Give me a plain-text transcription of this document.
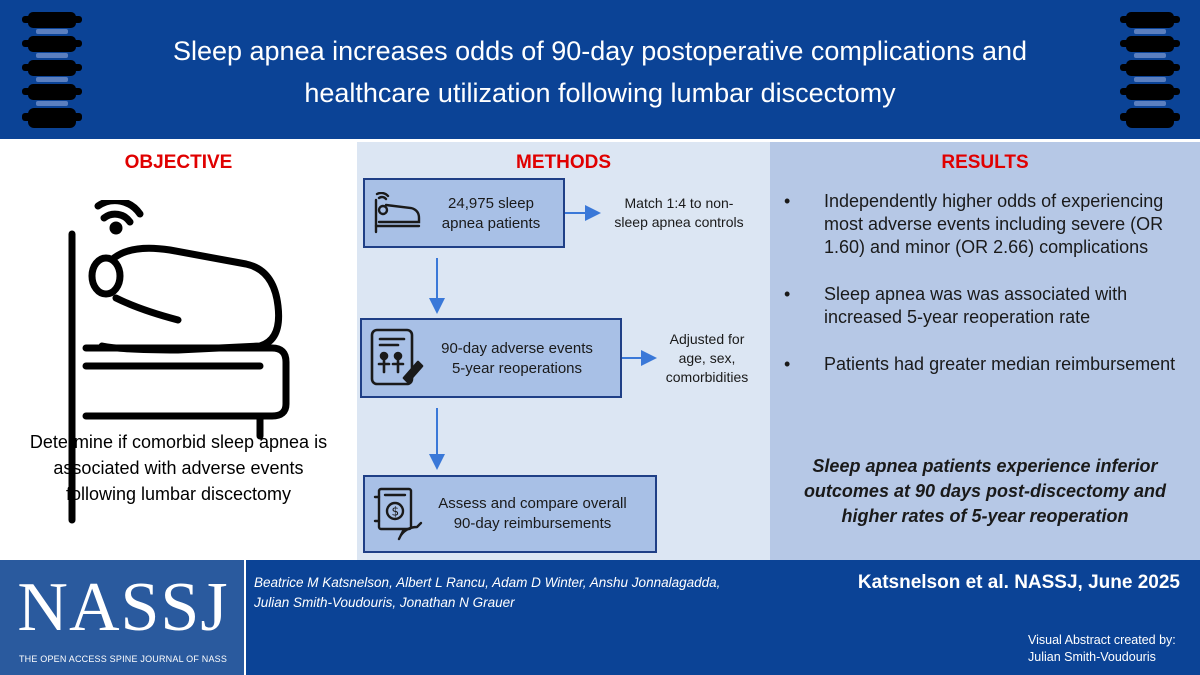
Sleep apnea increases odds of 90-day postoperative complications and
healthcare utilization following lumbar discectomy
OBJECTIVE
Determine if comorbid sleep apnea is
associated with adverse events
following lumbar discectomy
METHODS
24,975 sleep
apnea patients
Match 1:4 to non-
sleep apnea controls
90-day adverse events
5-year reoperations
Adjusted for
age, sex,
comorbidities
$	Assess and compare overall
90-day reimbursements
RESULTS
• Independently higher odds of experiencing most adverse events including severe (OR 1.60) and minor (OR 2.66) complications
• Sleep apnea was was associated with increased 5-year reoperation rate
• Patients had greater median reimbursement
Sleep apnea patients experience inferior outcomes at 90 days post-discectomy and higher rates of 5-year reoperation
NASSJ
THE OPEN ACCESS SPINE JOURNAL OF NASS
Beatrice M Katsnelson, Albert L Rancu, Adam D Winter, Anshu Jonnalagadda,
Julian Smith-Voudouris, Jonathan N Grauer
Katsnelson et al. NASSJ, June 2025
Visual Abstract created by:
Julian Smith-Voudouris
